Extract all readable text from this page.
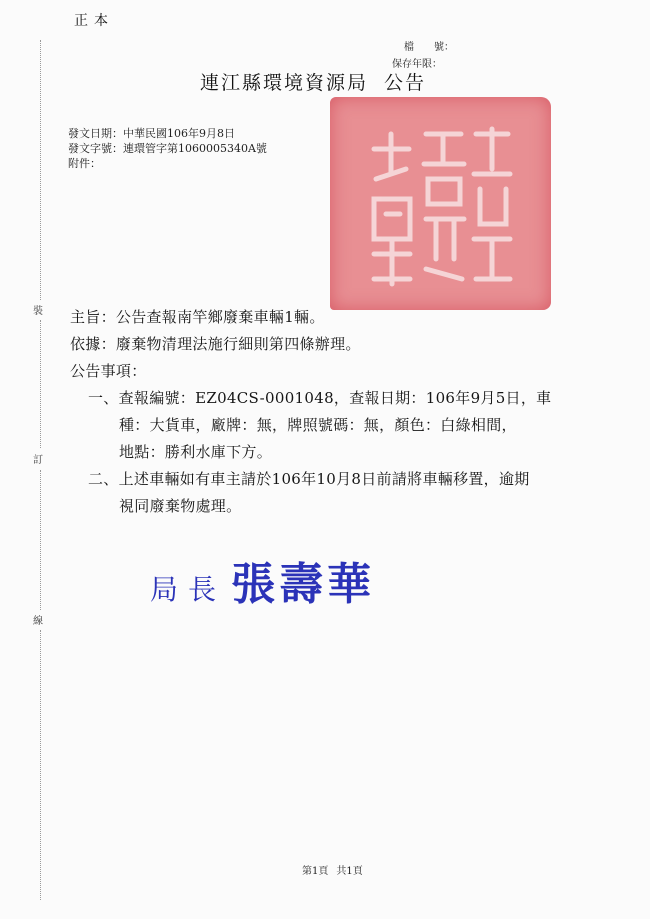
正本
檔　　號：
保存年限：
連江縣環境資源局 公告
發文日期：中華民國106年9月8日
發文字號：連環管字第1060005340A號
附件：
主旨：公告查報南竿鄉廢棄車輛1輛。
依據：廢棄物清理法施行細則第四條辦理。
公告事項：
一、查報編號：EZ04CS-0001048，查報日期：106年9月5日，車
種：大貨車，廠牌：無，牌照號碼：無，顏色：白綠相間，
地點：勝利水庫下方。
二、上述車輛如有車主請於106年10月8日前請將車輛移置，逾期
視同廢棄物處理。
局長 張壽華
裝
訂
線
第1頁 共1頁
